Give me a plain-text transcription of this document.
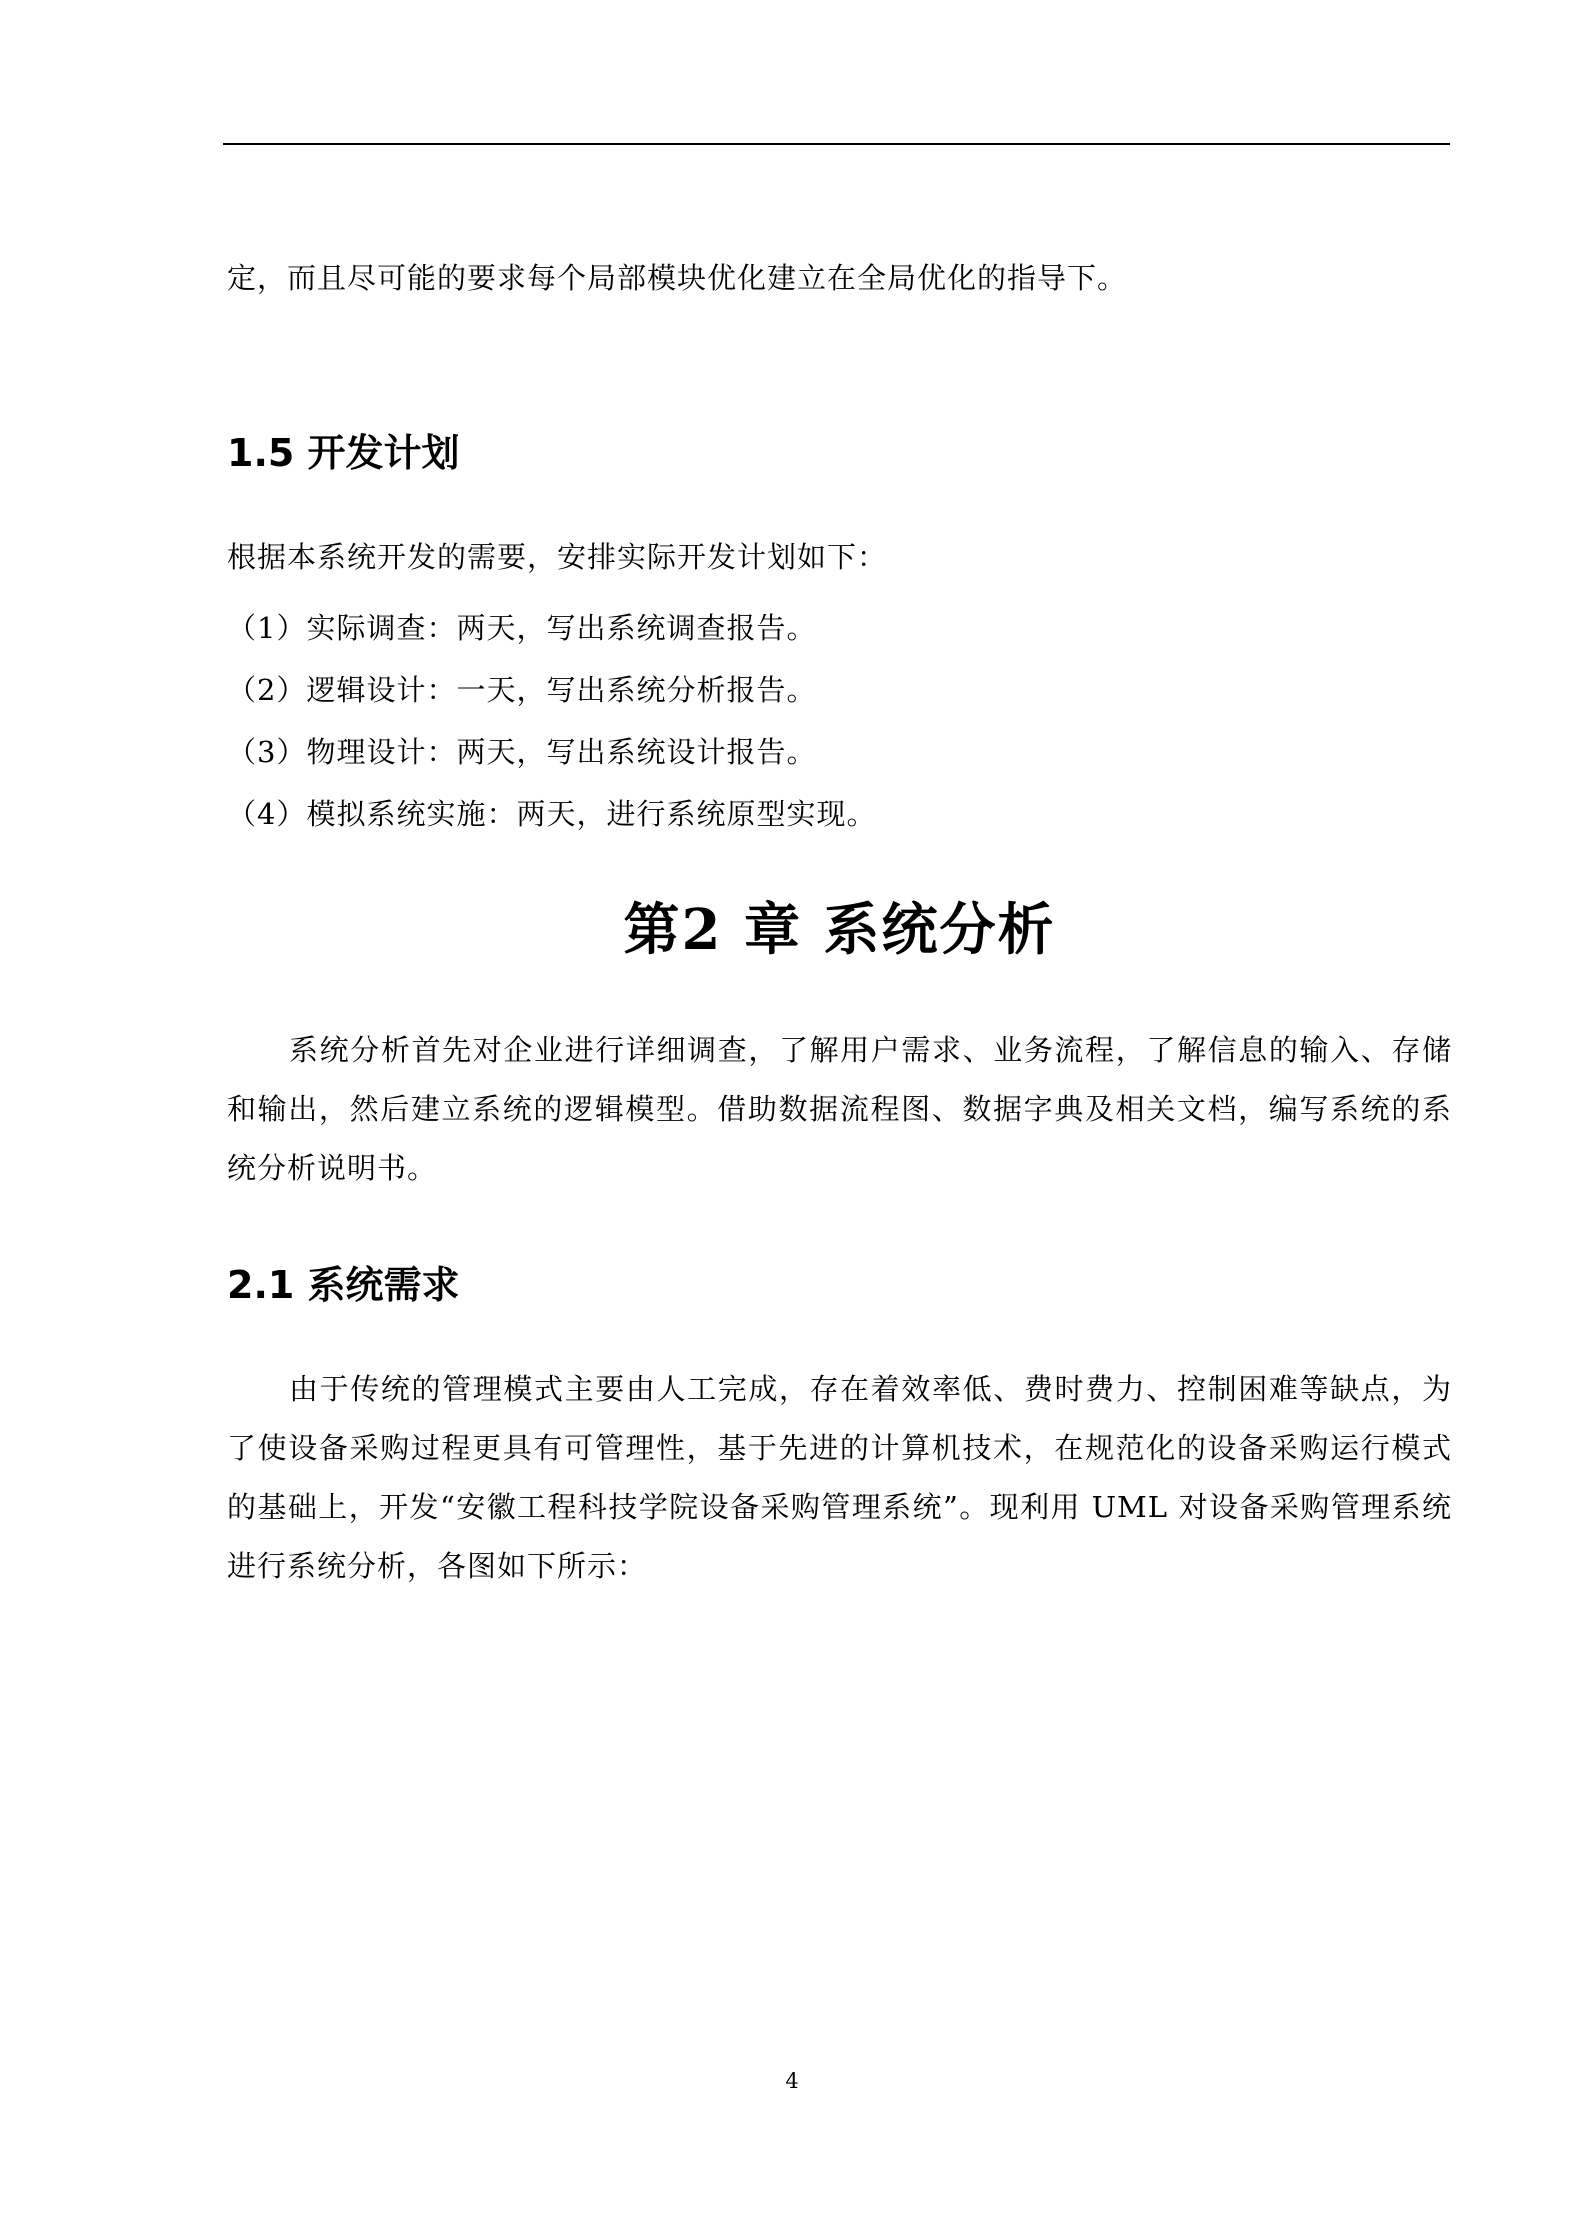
定，而且尽可能的要求每个局部模块优化建立在全局优化的指导下。

1.5 开发计划

根据本系统开发的需要，安排实际开发计划如下：

（1）实际调查：两天，写出系统调查报告。
（2）逻辑设计：一天，写出系统分析报告。
（3）物理设计：两天，写出系统设计报告。
（4）模拟系统实施：两天，进行系统原型实现。
第2 章 系统分析

系统分析首先对企业进行详细调查，了解用户需求、业务流程，了解信息的输入、存储和输出，然后建立系统的逻辑模型。借助数据流程图、数据字典及相关文档，编写系统的系统分析说明书。

2.1 系统需求

由于传统的管理模式主要由人工完成，存在着效率低、费时费力、控制困难等缺点，为了使设备采购过程更具有可管理性，基于先进的计算机技术，在规范化的设备采购运行模式的基础上，开发“安徽工程科技学院设备采购管理系统”。现利用 UML 对设备采购管理系统进行系统分析，各图如下所示：

4
